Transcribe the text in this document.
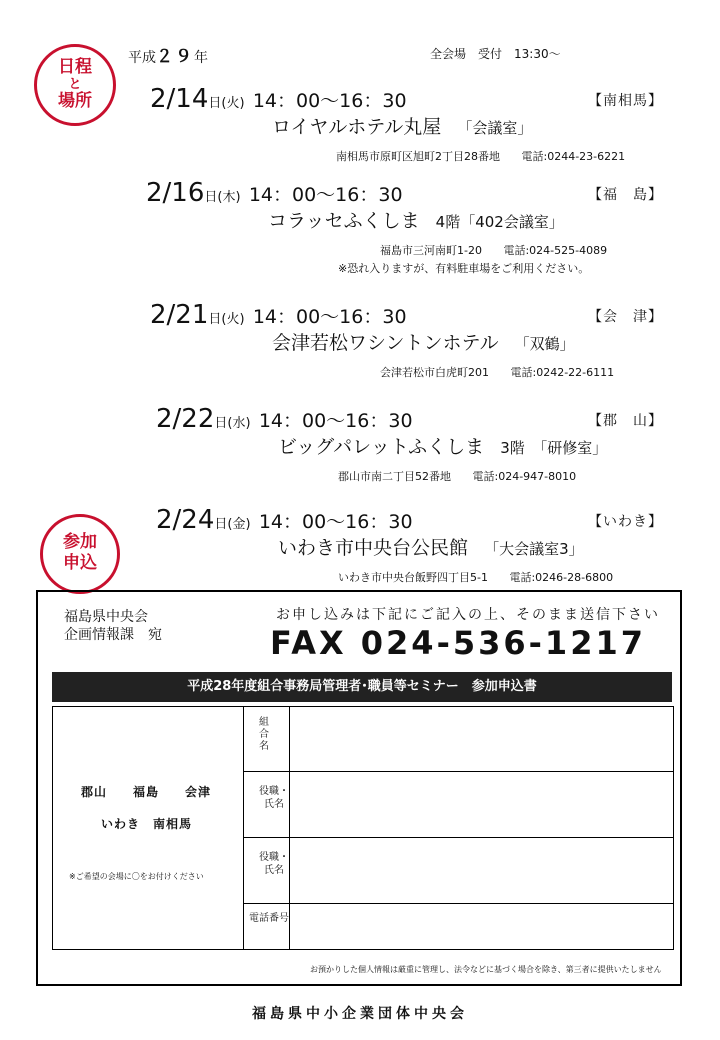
日程
と
場所
平成２９年	全会場　受付　13:30〜
2/14日(火) 14：00〜16：30	【南相馬】
ロイヤルホテル丸屋 「会議室」
南相馬市原町区旭町2丁目28番地 電話:0244-23-6221
2/16日(木) 14：00〜16：30	【福　島】
コラッセふくしま 4階「402会議室」
福島市三河南町1-20 電話:024-525-4089
※恐れ入りますが、有料駐車場をご利用ください。
2/21日(火) 14：00〜16：30	【会　津】
会津若松ワシントンホテル 「双鶴」
会津若松市白虎町201 電話:0242-22-6111
2/22日(水) 14：00〜16：30	【郡　山】
ビッグパレットふくしま 3階　「研修室」
郡山市南二丁目52番地 電話:024-947-8010
2/24日(金) 14：00〜16：30	【いわき】
いわき市中央台公民館 「大会議室3」
いわき市中央台飯野四丁目5-1 電話:0246-28-6800
参加
申込
福島県中央会
企画情報課　宛
お申し込みは下記にご記入の上、そのまま送信下さい
FAX 024-536-1217
平成28年度組合事務局管理者･職員等セミナー　参加申込書
郡山　　福島　　会津
いわき　南相馬
※ご希望の会場に〇をお付けください
組合名
役職・氏名
役職・氏名
電話番号
お預かりした個人情報は厳重に管理し、法令などに基づく場合を除き、第三者に提供いたしません
福島県中小企業団体中央会
